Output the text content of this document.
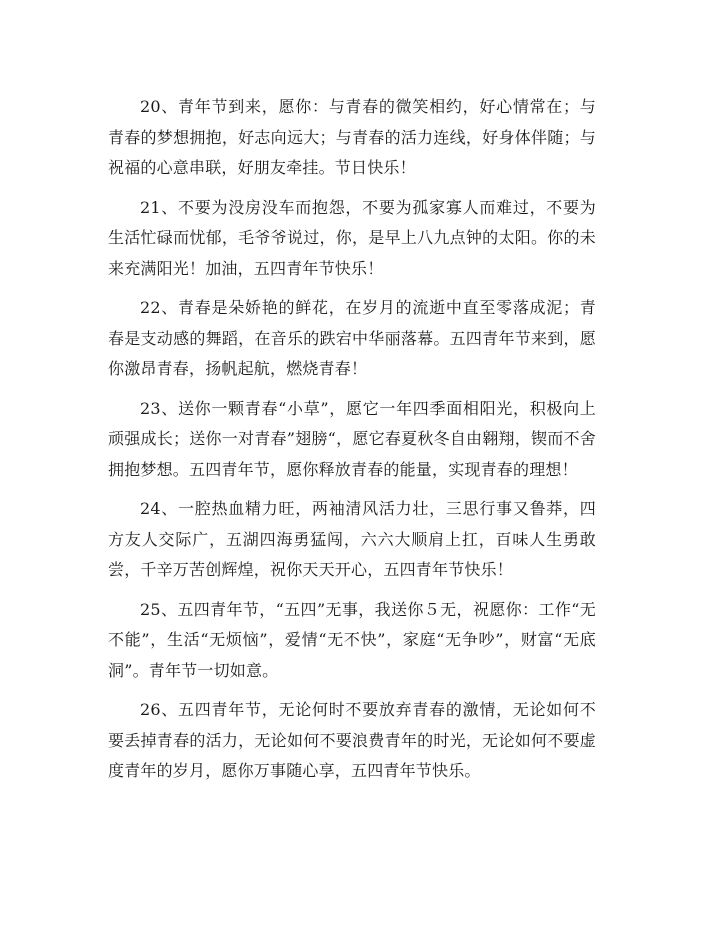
20、青年节到来，愿你：与青春的微笑相约，好心情常在；与青春的梦想拥抱，好志向远大；与青春的活力连线，好身体伴随；与祝福的心意串联，好朋友牵挂。节日快乐！

21、不要为没房没车而抱怨，不要为孤家寡人而难过，不要为生活忙碌而忧郁，毛爷爷说过，你，是早上八九点钟的太阳。你的未来充满阳光！加油，五四青年节快乐！

22、青春是朵娇艳的鲜花，在岁月的流逝中直至零落成泥；青春是支动感的舞蹈，在音乐的跌宕中华丽落幕。五四青年节来到，愿你激昂青春，扬帆起航，燃烧青春！

23、送你一颗青春“小草”，愿它一年四季面相阳光，积极向上顽强成长；送你一对青春”翅膀“，愿它春夏秋冬自由翱翔，锲而不舍拥抱梦想。五四青年节，愿你释放青春的能量，实现青春的理想！

24、一腔热血精力旺，两袖清风活力壮，三思行事又鲁莽，四方友人交际广，五湖四海勇猛闯，六六大顺肩上扛，百味人生勇敢尝，千辛万苦创辉煌，祝你天天开心，五四青年节快乐！

25、五四青年节，“五四”无事，我送你５无，祝愿你：工作“无不能”，生活“无烦恼”，爱情“无不快”，家庭“无争吵”，财富“无底洞”。青年节一切如意。

26、五四青年节，无论何时不要放弃青春的激情，无论如何不要丢掉青春的活力，无论如何不要浪费青年的时光，无论如何不要虚度青年的岁月，愿你万事随心享，五四青年节快乐。
